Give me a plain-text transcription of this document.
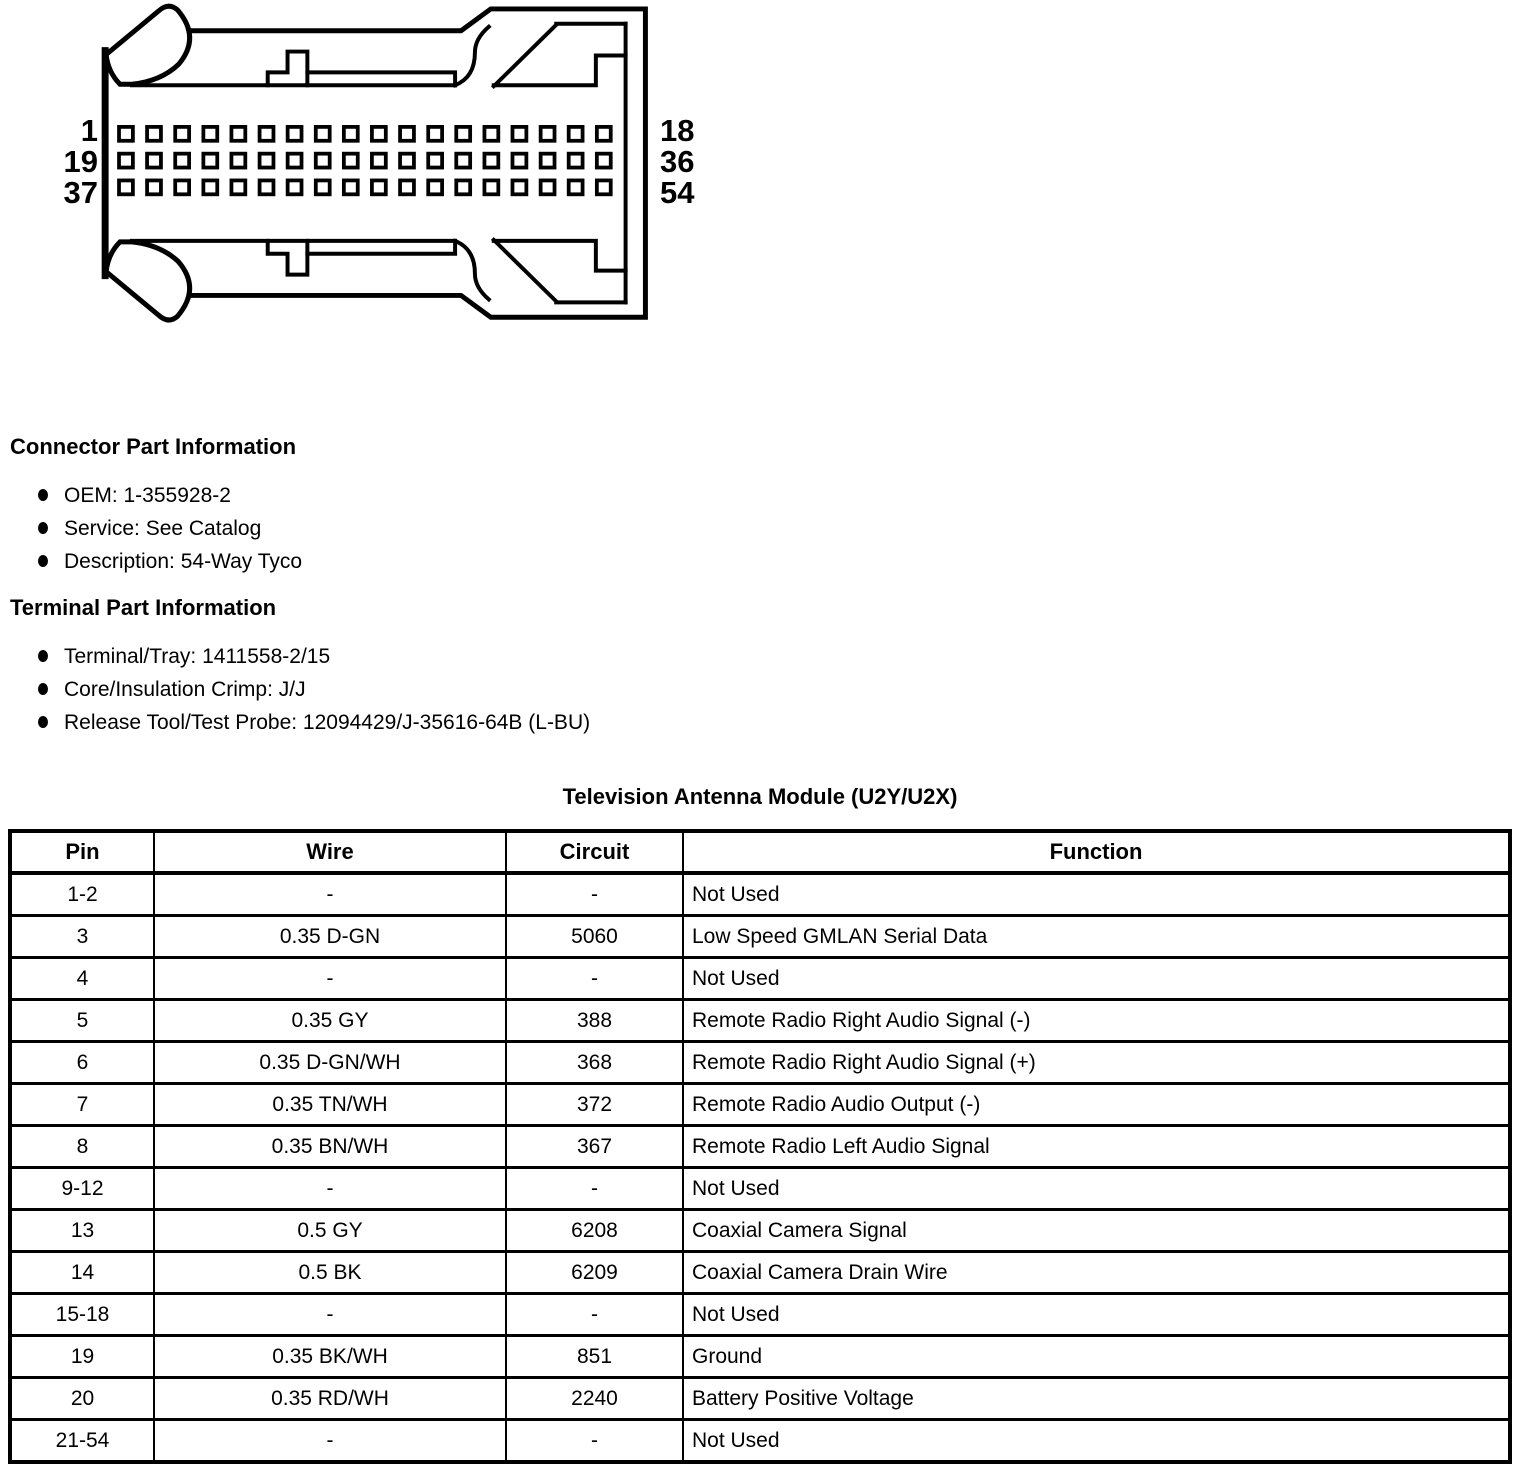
1
19
37
18
36
54
Connector Part Information
OEM: 1-355928-2
Service: See Catalog
Description: 54-Way Tyco
Terminal Part Information
Terminal/Tray: 1411558-2/15
Core/Insulation Crimp: J/J
Release Tool/Test Probe: 12094429/J-35616-64B (L-BU)
Television Antenna Module (U2Y/U2X)
Pin	Wire	Circuit	Function
1-2	-	-	Not Used
3	0.35 D-GN	5060	Low Speed GMLAN Serial Data
4	-	-	Not Used
5	0.35 GY	388	Remote Radio Right Audio Signal (-)
6	0.35 D-GN/WH	368	Remote Radio Right Audio Signal (+)
7	0.35 TN/WH	372	Remote Radio Audio Output (-)
8	0.35 BN/WH	367	Remote Radio Left Audio Signal
9-12	-	-	Not Used
13	0.5 GY	6208	Coaxial Camera Signal
14	0.5 BK	6209	Coaxial Camera Drain Wire
15-18	-	-	Not Used
19	0.35 BK/WH	851	Ground
20	0.35 RD/WH	2240	Battery Positive Voltage
21-54	-	-	Not Used
